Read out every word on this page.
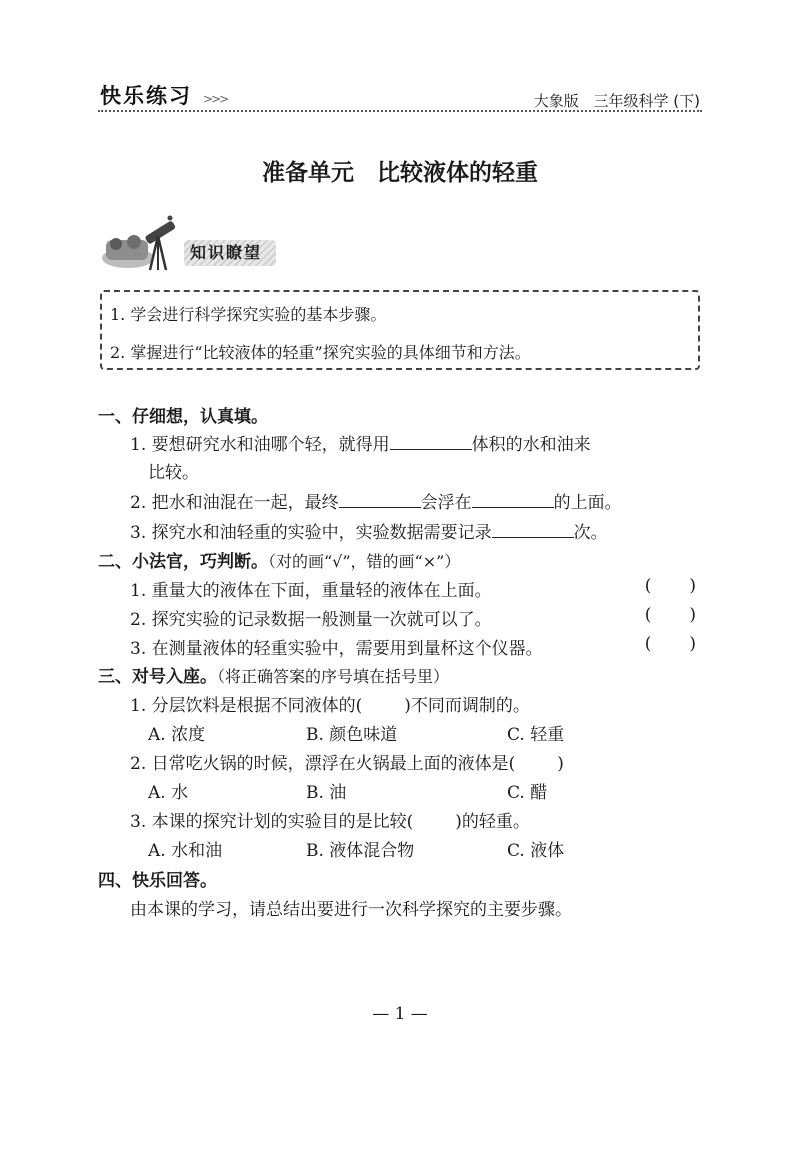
快乐练习 >>>	大象版 三年级科学 (下)
准备单元　比较液体的轻重
知识瞭望
1. 学会进行科学探究实验的基本步骤。
2. 掌握进行“比较液体的轻重”探究实验的具体细节和方法。
一、仔细想，认真填。
1. 要想研究水和油哪个轻，就得用	体积的水和油来
比较。
2. 把水和油混在一起，最终	会浮在	的上面。
3. 探究水和油轻重的实验中，实验数据需要记录	次。
二、小法官，巧判断。（对的画“√”，错的画“×”）
1. 重量大的液体在下面，重量轻的液体在上面。	( )
2. 探究实验的记录数据一般测量一次就可以了。	( )
3. 在测量液体的轻重实验中，需要用到量杯这个仪器。	( )
三、对号入座。（将正确答案的序号填在括号里）
1. 分层饮料是根据不同液体的( )不同而调制的。
A. 浓度	B. 颜色味道	C. 轻重
2. 日常吃火锅的时候，漂浮在火锅最上面的液体是( )
A. 水	B. 油	C. 醋
3. 本课的探究计划的实验目的是比较( )的轻重。
A. 水和油	B. 液体混合物	C. 液体
四、快乐回答。
由本课的学习，请总结出要进行一次科学探究的主要步骤。
— 1 —
